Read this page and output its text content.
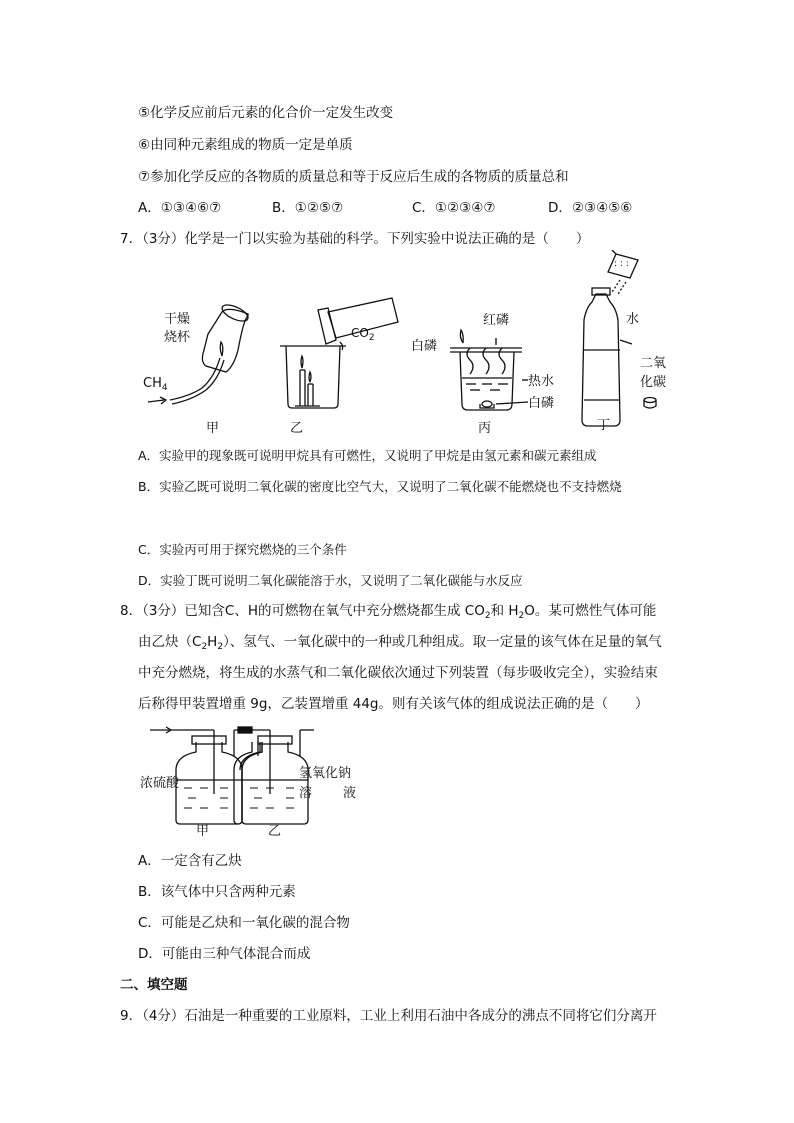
⑤化学反应前后元素的化合价一定发生改变
⑥由同种元素组成的物质一定是单质
⑦参加化学反应的各物质的质量总和等于反应后生成的各物质的质量总和
A．①③④⑥⑦	B．①②⑤⑦	C．①②③④⑦	D．②③④⑤⑥
7．（3分）化学是一门以实验为基础的科学。下列实验中说法正确的是（　　）
: : :
干燥
烧杯
$CH_4$
甲
$CO_2$
乙
白磷
红磷
热水
白磷
丙
水
二氧
化碳
丁
A．实验甲的现象既可说明甲烷具有可燃性，又说明了甲烷是由氢元素和碳元素组成
B．实验乙既可说明二氧化碳的密度比空气大，又说明了二氧化碳不能燃烧也不支持燃烧
C．实验丙可用于探究燃烧的三个条件
D．实验丁既可说明二氧化碳能溶于水，又说明了二氧化碳能与水反应
8．（3分）已知含C、H的可燃物在氧气中充分燃烧都生成 $CO_2$和 $H_2O$。某可燃性气体可能
由乙炔$(C_2H_2)$、氢气、一氧化碳中的一种或几种组成。取一定量的该气体在足量的氧气
中充分燃烧，将生成的水蒸气和二氧化碳依次通过下列装置（每步吸收完全），实验结束
后称得甲装置增重 9g，乙装置增重 44g。则有关该气体的组成说法正确的是（　　）
浓硫酸
氢氧化钠
溶 液
甲	乙
A．一定含有乙炔
B．该气体中只含两种元素
C．可能是乙炔和一氧化碳的混合物
D．可能由三种气体混合而成
二、填空题
9．（4分）石油是一种重要的工业原料，工业上利用石油中各成分的沸点不同将它们分离开
